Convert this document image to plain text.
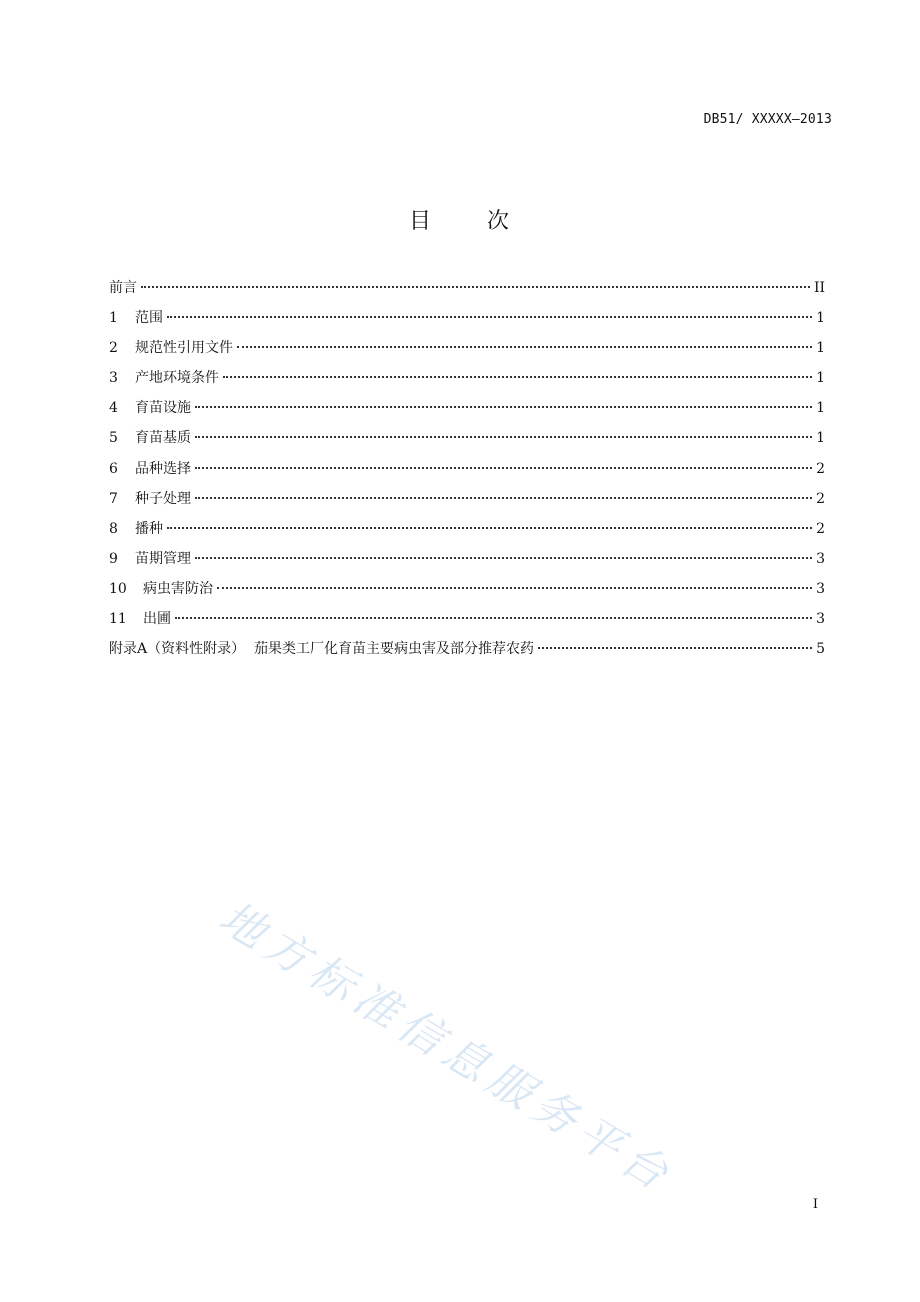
DB51/ XXXXX—2013
目      次
前言	II
1	范围	1
2	规范性引用文件	1
3	产地环境条件	1
4	育苗设施	1
5	育苗基质	1
6	品种选择	2
7	种子处理	2
8	播种	2
9	苗期管理	3
10	病虫害防治	3
11	出圃	3
附录A（资料性附录）  茄果类工厂化育苗主要病虫害及部分推荐农药	5
地方标准信息服务平台
I
